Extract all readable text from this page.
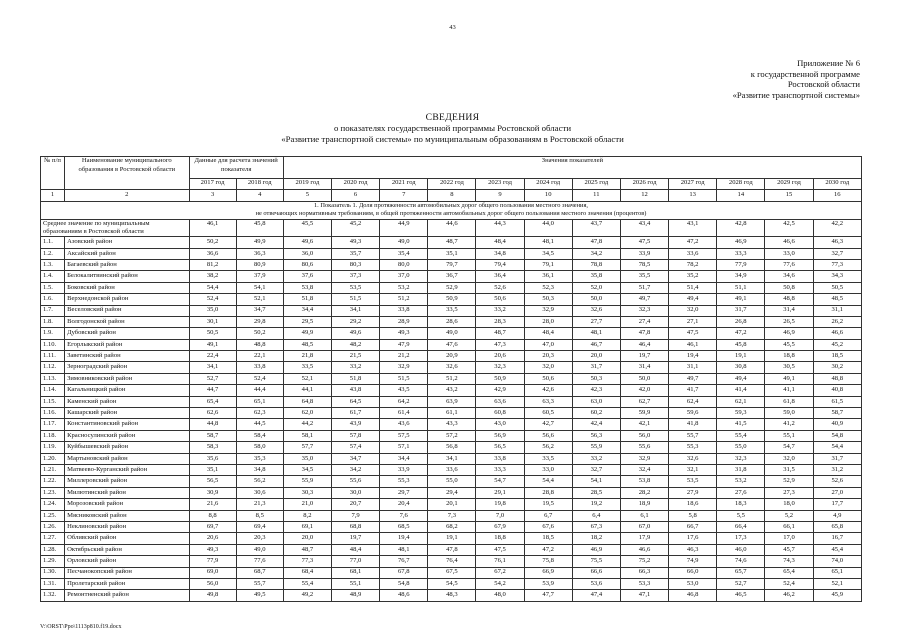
43
Приложение № 6
к государственной программе
Ростовской области
«Развитие транспортной системы»
СВЕДЕНИЯ
о показателях государственной программы Ростовской области
«Развитие транспортной системы» по муниципальным образованиям в Ростовской области
№ п/п	Наименование муниципального образования в Ростовской области	Данные для расчета значений показателя		Значения показателей											
		2017 год	2018 год	2019 год	2020 год	2021 год	2022 год	2023 год	2024 год	2025 год	2026 год	2027 год	2028 год	2029 год	2030 год
1	2	3	4	5	6	7	8	9	10	11	12	13	14	15	16
1. Показатель 1. Доля протяженности автомобильных дорог общего пользования местного значения,
не отвечающих нормативным требованиям, в общей протяженности автомобильных дорог общего пользования местного значения (процентов)															
Среднее значение по муниципальным образованиям в Ростовской области		46,1	45,8	45,5	45,2	44,9	44,6	44,3	44,0	43,7	43,4	43,1	42,8	42,5	42,2
1.1.	Азовский район	50,2	49,9	49,6	49,3	49,0	48,7	48,4	48,1	47,8	47,5	47,2	46,9	46,6	46,3
1.2.	Аксайский район	36,6	36,3	36,0	35,7	35,4	35,1	34,8	34,5	34,2	33,9	33,6	33,3	33,0	32,7
1.3.	Багаевский район	81,2	80,9	80,6	80,3	80,0	79,7	79,4	79,1	78,8	78,5	78,2	77,9	77,6	77,3
1.4.	Белокалитвинский район	38,2	37,9	37,6	37,3	37,0	36,7	36,4	36,1	35,8	35,5	35,2	34,9	34,6	34,3
1.5.	Боковский район	54,4	54,1	53,8	53,5	53,2	52,9	52,6	52,3	52,0	51,7	51,4	51,1	50,8	50,5
1.6.	Верхнедонской район	52,4	52,1	51,8	51,5	51,2	50,9	50,6	50,3	50,0	49,7	49,4	49,1	48,8	48,5
1.7.	Веселовский район	35,0	34,7	34,4	34,1	33,8	33,5	33,2	32,9	32,6	32,3	32,0	31,7	31,4	31,1
1.8.	Волгодонской район	30,1	29,8	29,5	29,2	28,9	28,6	28,3	28,0	27,7	27,4	27,1	26,8	26,5	26,2
1.9.	Дубовский район	50,5	50,2	49,9	49,6	49,3	49,0	48,7	48,4	48,1	47,8	47,5	47,2	46,9	46,6
1.10.	Егорлыкский район	49,1	48,8	48,5	48,2	47,9	47,6	47,3	47,0	46,7	46,4	46,1	45,8	45,5	45,2
1.11.	Заветинский район	22,4	22,1	21,8	21,5	21,2	20,9	20,6	20,3	20,0	19,7	19,4	19,1	18,8	18,5
1.12.	Зерноградский район	34,1	33,8	33,5	33,2	32,9	32,6	32,3	32,0	31,7	31,4	31,1	30,8	30,5	30,2
1.13.	Зимовниковский район	52,7	52,4	52,1	51,8	51,5	51,2	50,9	50,6	50,3	50,0	49,7	49,4	49,1	48,8
1.14.	Кагальницкий район	44,7	44,4	44,1	43,8	43,5	43,2	42,9	42,6	42,3	42,0	41,7	41,4	41,1	40,8
1.15.	Каменский район	65,4	65,1	64,8	64,5	64,2	63,9	63,6	63,3	63,0	62,7	62,4	62,1	61,8	61,5
1.16.	Кашарский район	62,6	62,3	62,0	61,7	61,4	61,1	60,8	60,5	60,2	59,9	59,6	59,3	59,0	58,7
1.17.	Константиновский район	44,8	44,5	44,2	43,9	43,6	43,3	43,0	42,7	42,4	42,1	41,8	41,5	41,2	40,9
1.18.	Красносулинский район	58,7	58,4	58,1	57,8	57,5	57,2	56,9	56,6	56,3	56,0	55,7	55,4	55,1	54,8
1.19.	Куйбышевский район	58,3	58,0	57,7	57,4	57,1	56,8	56,5	56,2	55,9	55,6	55,3	55,0	54,7	54,4
1.20.	Мартыновский район	35,6	35,3	35,0	34,7	34,4	34,1	33,8	33,5	33,2	32,9	32,6	32,3	32,0	31,7
1.21.	Матвеево-Курганский район	35,1	34,8	34,5	34,2	33,9	33,6	33,3	33,0	32,7	32,4	32,1	31,8	31,5	31,2
1.22.	Миллеровский район	56,5	56,2	55,9	55,6	55,3	55,0	54,7	54,4	54,1	53,8	53,5	53,2	52,9	52,6
1.23.	Милютинский район	30,9	30,6	30,3	30,0	29,7	29,4	29,1	28,8	28,5	28,2	27,9	27,6	27,3	27,0
1.24.	Морозовский район	21,6	21,3	21,0	20,7	20,4	20,1	19,8	19,5	19,2	18,9	18,6	18,3	18,0	17,7
1.25.	Мясниковский район	8,8	8,5	8,2	7,9	7,6	7,3	7,0	6,7	6,4	6,1	5,8	5,5	5,2	4,9
1.26.	Неклиновский район	69,7	69,4	69,1	68,8	68,5	68,2	67,9	67,6	67,3	67,0	66,7	66,4	66,1	65,8
1.27.	Обливский район	20,6	20,3	20,0	19,7	19,4	19,1	18,8	18,5	18,2	17,9	17,6	17,3	17,0	16,7
1.28.	Октябрьский район	49,3	49,0	48,7	48,4	48,1	47,8	47,5	47,2	46,9	46,6	46,3	46,0	45,7	45,4
1.29.	Орловский район	77,9	77,6	77,3	77,0	76,7	76,4	76,1	75,8	75,5	75,2	74,9	74,6	74,3	74,0
1.30.	Песчанокопский район	69,0	68,7	68,4	68,1	67,8	67,5	67,2	66,9	66,6	66,3	66,0	65,7	65,4	65,1
1.31.	Пролетарский район	56,0	55,7	55,4	55,1	54,8	54,5	54,2	53,9	53,6	53,3	53,0	52,7	52,4	52,1
1.32.	Ремонтненский район	49,8	49,5	49,2	48,9	48,6	48,3	48,0	47,7	47,4	47,1	46,8	46,5	46,2	45,9
V:\ORST\Ppo\1113p810.f19.docx
